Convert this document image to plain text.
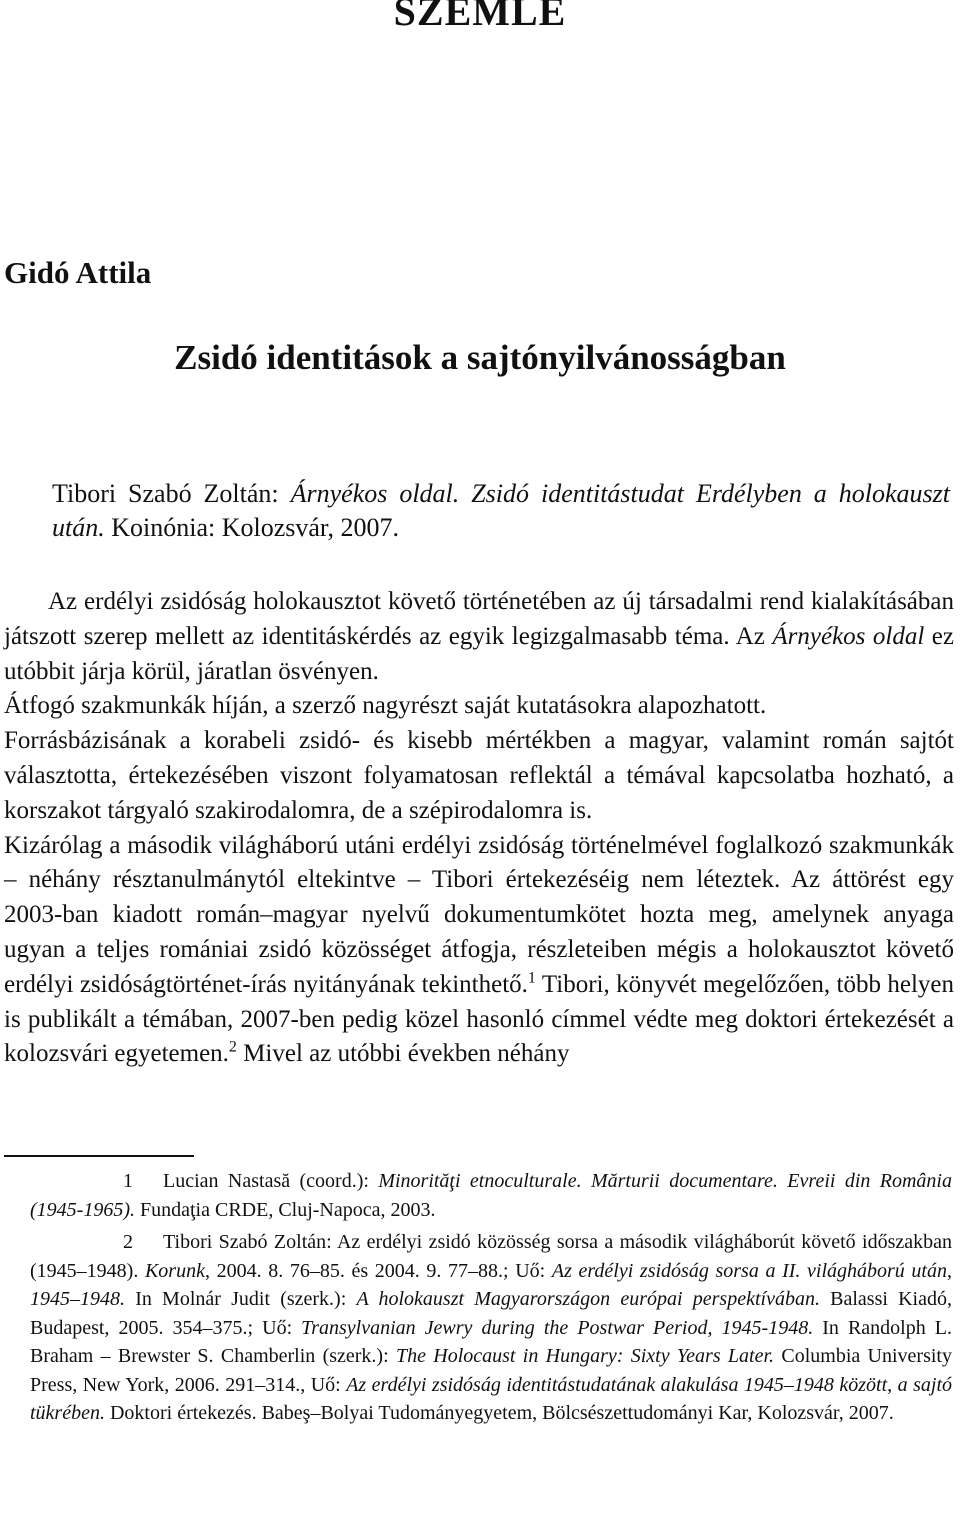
SZEMLE
Gidó Attila
Zsidó identitások a sajtónyilvánosságban

Tibori Szabó Zoltán: Árnyékos oldal. Zsidó identitástudat Erdélyben a holokauszt után. Koinónia: Kolozsvár, 2007.

Az erdélyi zsidóság holokausztot követő történetében az új társadalmi rend kialakításában játszott szerep mellett az identitáskérdés az egyik legizgalmasabb téma. Az Árnyékos oldal ez utóbbit járja körül, járatlan ösvényen.

Átfogó szakmunkák híján, a szerző nagyrészt saját kutatásokra alapozhatott.

Forrásbázisának a korabeli zsidó- és kisebb mértékben a magyar, valamint román sajtót választotta, értekezésében viszont folyamatosan reflektál a témával kapcsolatba hozható, a korszakot tárgyaló szakirodalomra, de a szépirodalomra is.

Kizárólag a második világháború utáni erdélyi zsidóság történelmével foglalkozó szakmunkák – néhány résztanulmánytól eltekintve – Tibori értekezéséig nem léteztek. Az áttörést egy 2003-ban kiadott román–magyar nyelvű dokumentumkötet hozta meg, amelynek anyaga ugyan a teljes romániai zsidó közösséget átfogja, részleteiben mégis a holokausztot követő erdélyi zsidóságtörténet-írás nyitányának tekinthető.$^1$ Tibori, könyvét megelőzően, több helyen is publikált a témában, 2007-ben pedig közel hasonló címmel védte meg doktori értekezését a kolozsvári egyetemen.$^2$ Mivel az utóbbi években néhány

1 Lucian Nastasă (coord.): Minorităţi etnoculturale. Mărturii documentare. Evreii din România (1945-1965). Fundaţia CRDE, Cluj-Napoca, 2003.

2 Tibori Szabó Zoltán: Az erdélyi zsidó közösség sorsa a második világháborút követő időszakban (1945–1948). Korunk, 2004. 8. 76–85. és 2004. 9. 77–88.; Uő: Az erdélyi zsidóság sorsa a II. világháború után, 1945–1948. In Molnár Judit (szerk.): A holokauszt Magyarországon európai perspektívában. Balassi Kiadó, Budapest, 2005. 354–375.; Uő: Transylvanian Jewry during the Postwar Period, 1945-1948. In Randolph L. Braham – Brewster S. Chamberlin (szerk.): The Holocaust in Hungary: Sixty Years Later. Columbia University Press, New York, 2006. 291–314., Uő: Az erdélyi zsidóság identitástudatának alakulása 1945–1948 között, a sajtó tükrében. Doktori értekezés. Babeş–Bolyai Tudományegyetem, Bölcsészettudományi Kar, Kolozsvár, 2007.
